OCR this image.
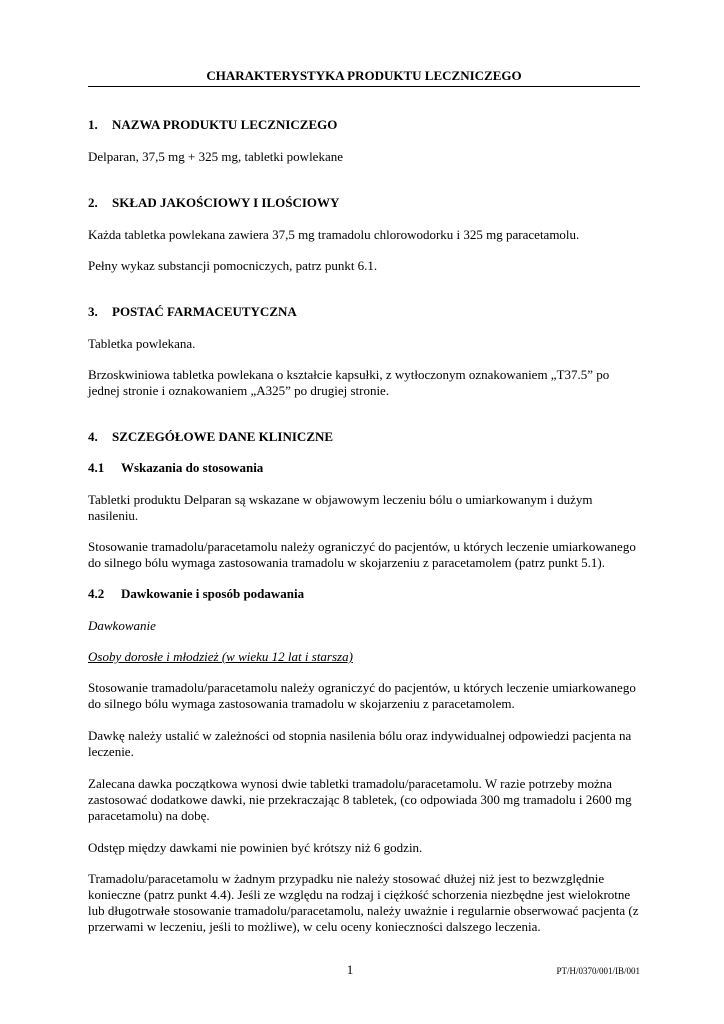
CHARAKTERYSTYKA PRODUKTU LECZNICZEGO
1.	NAZWA PRODUKTU LECZNICZEGO

Delparan, 37,5 mg + 325 mg, tabletki powlekane

2.	SKŁAD JAKOŚCIOWY I ILOŚCIOWY

Każda tabletka powlekana zawiera 37,5 mg tramadolu chlorowodorku i 325 mg paracetamolu.

Pełny wykaz substancji pomocniczych, patrz punkt 6.1.

3.	POSTAĆ FARMACEUTYCZNA

Tabletka powlekana.

Brzoskwiniowa tabletka powlekana o kształcie kapsułki, z wytłoczonym oznakowaniem „T37.5” po jednej stronie i oznakowaniem „A325” po drugiej stronie.

4.	SZCZEGÓŁOWE DANE KLINICZNE
4.1	Wskazania do stosowania

Tabletki produktu Delparan są wskazane w objawowym leczeniu bólu o umiarkowanym i dużym nasileniu.

Stosowanie tramadolu/paracetamolu należy ograniczyć do pacjentów, u których leczenie umiarkowanego do silnego bólu wymaga zastosowania tramadolu w skojarzeniu z paracetamolem (patrz punkt 5.1).

4.2	Dawkowanie i sposób podawania

Dawkowanie

Osoby dorosłe i młodzież (w wieku 12 lat i starsza)

Stosowanie tramadolu/paracetamolu należy ograniczyć do pacjentów, u których leczenie umiarkowanego do silnego bólu wymaga zastosowania tramadolu w skojarzeniu z paracetamolem.

Dawkę należy ustalić w zależności od stopnia nasilenia bólu oraz indywidualnej odpowiedzi pacjenta na leczenie.

Zalecana dawka początkowa wynosi dwie tabletki tramadolu/paracetamolu. W razie potrzeby można zastosować dodatkowe dawki, nie przekraczając 8 tabletek, (co odpowiada 300 mg tramadolu i 2600 mg paracetamolu) na dobę.

Odstęp między dawkami nie powinien być krótszy niż 6 godzin.

Tramadolu/paracetamolu w żadnym przypadku nie należy stosować dłużej niż jest to bezwzględnie konieczne (patrz punkt 4.4). Jeśli ze względu na rodzaj i ciężkość schorzenia niezbędne jest wielokrotne lub długotrwałe stosowanie tramadolu/paracetamolu, należy uważnie i regularnie obserwować pacjenta (z przerwami w leczeniu, jeśli to możliwe), w celu oceny konieczności dalszego leczenia.

1	PT/H/0370/001/IB/001
